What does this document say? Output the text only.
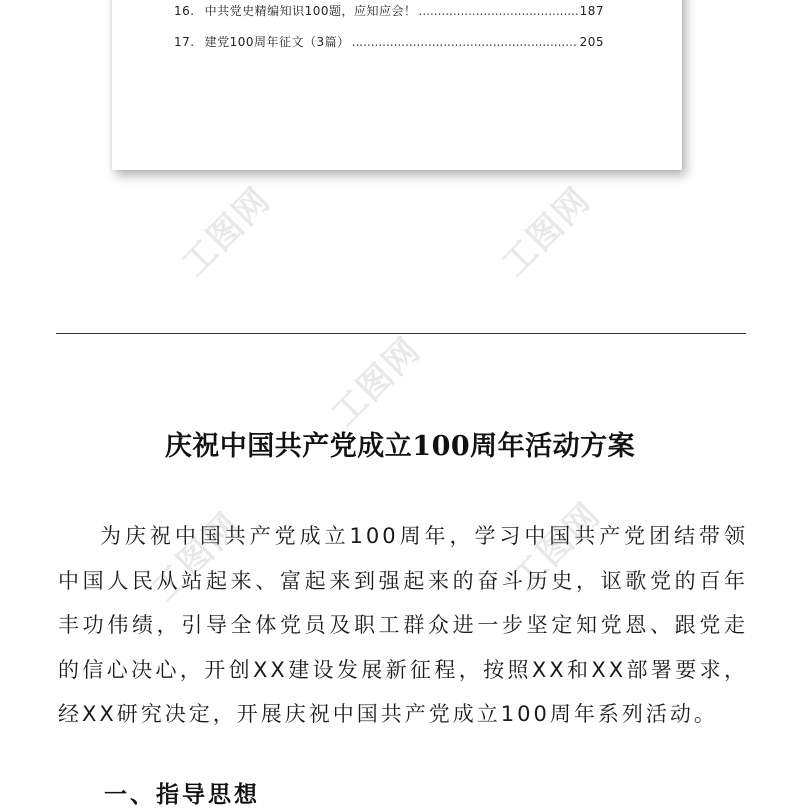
16. 中共党史精编知识100题，应知应会！ .....	187
17. 建党100周年征文（3篇） .....	205
工图网	工图网
工图网
工图网
工图网
庆祝中国共产党成立100周年活动方案
为庆祝中国共产党成立100周年，学习中国共产党团结带领中国人民从站起来、富起来到强起来的奋斗历史，讴歌党的百年丰功伟绩，引导全体党员及职工群众进一步坚定知党恩、跟党走的信心决心，开创XX建设发展新征程，按照XX和XX部署要求，经XX研究决定，开展庆祝中国共产党成立100周年系列活动。
一、指导思想
